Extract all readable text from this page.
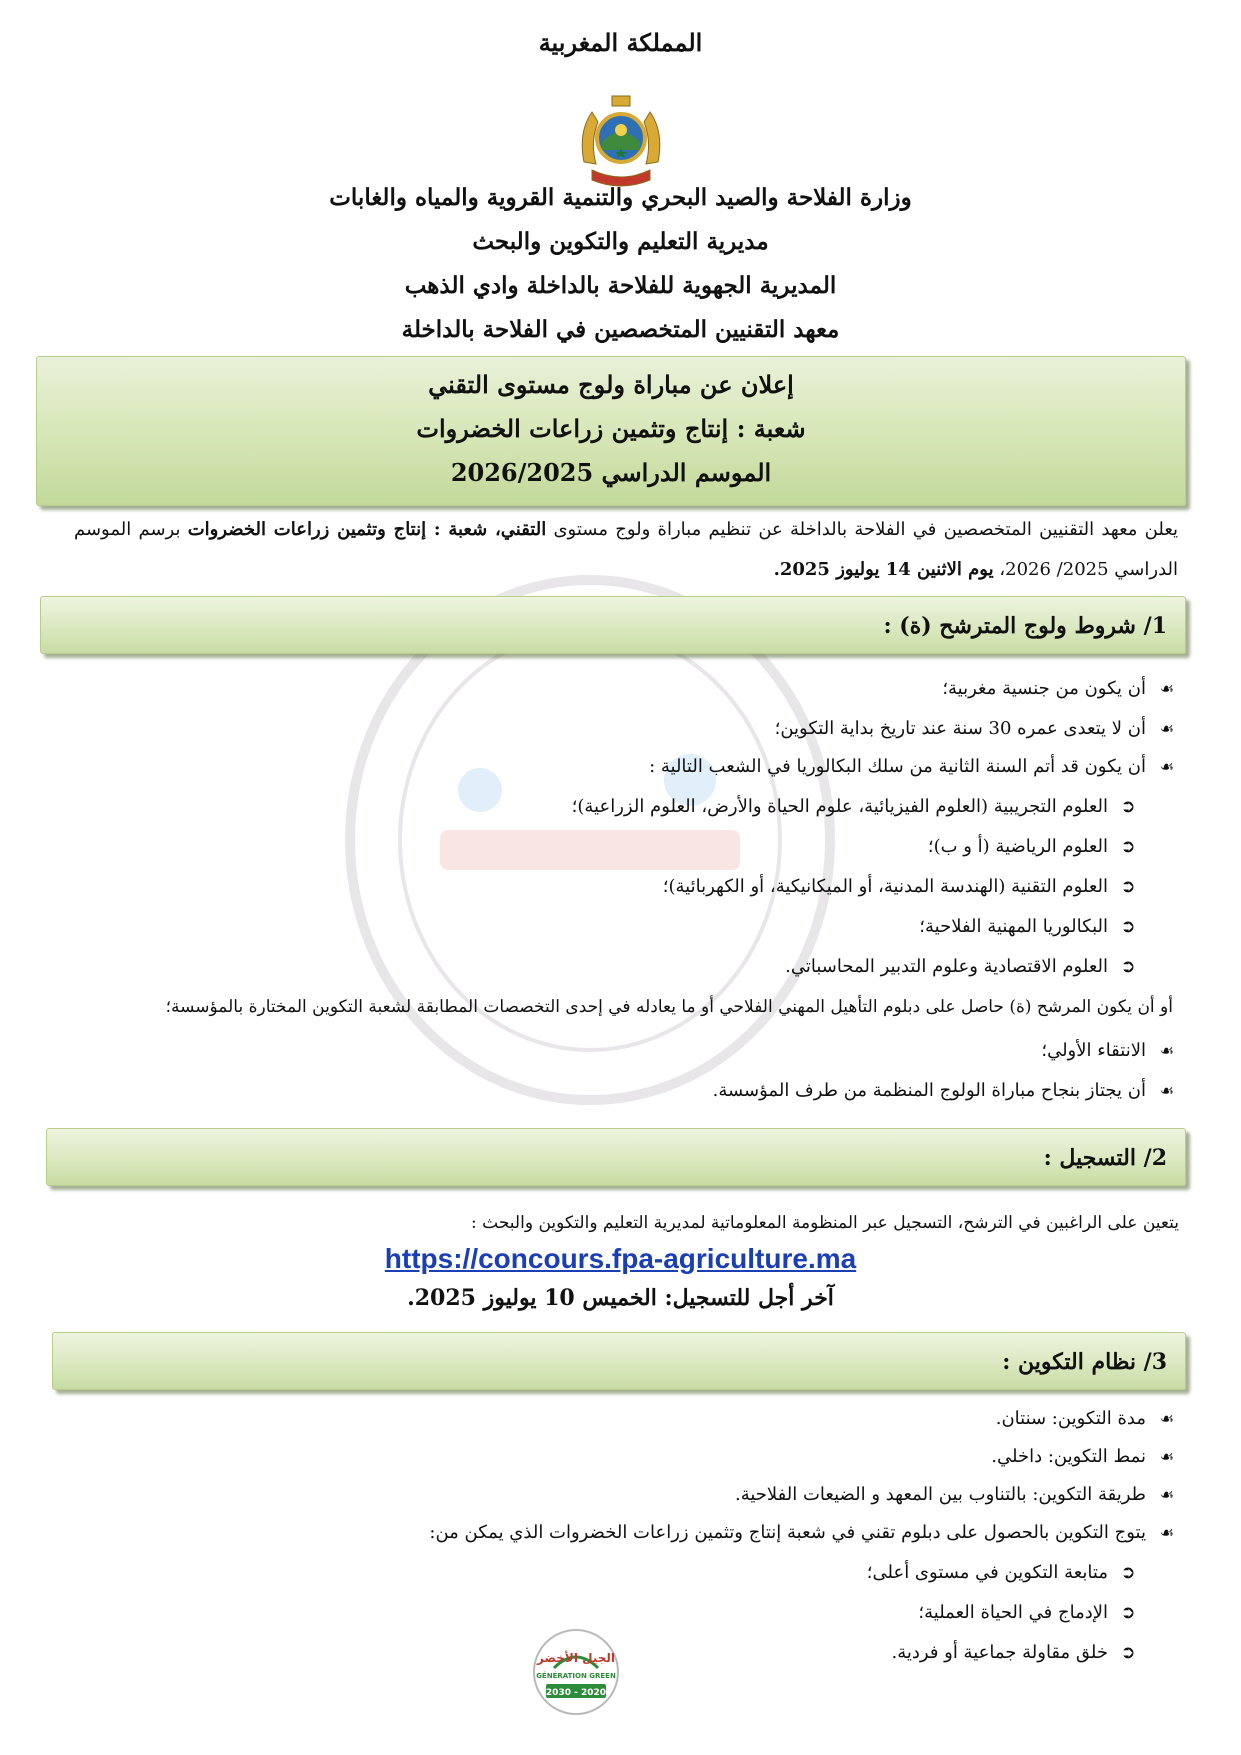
المملكة المغربية
وزارة الفلاحة والصيد البحري والتنمية القروية والمياه والغابات
مديرية التعليم والتكوين والبحث
المديرية الجهوية للفلاحة بالداخلة وادي الذهب
معهد التقنيين المتخصصين في الفلاحة بالداخلة
إعلان عن مباراة ولوج مستوى التقني
شعبة : إنتاج وتثمين زراعات الخضروات
الموسم الدراسي 2026/2025
يعلن معهد التقنيين المتخصصين في الفلاحة بالداخلة عن تنظيم مباراة ولوج مستوى التقني، شعبة : إنتاج وتثمين زراعات الخضروات برسم الموسم الدراسي 2025/ 2026، يوم الاثنين 14 يوليوز 2025.
1/ شروط ولوج المترشح (ة) :
☙أن يكون من جنسية مغربية؛
☙أن لا يتعدى عمره 30 سنة عند تاريخ بداية التكوين؛
☙أن يكون قد أتم السنة الثانية من سلك البكالوريا في الشعب التالية :
➲العلوم التجريبية (العلوم الفيزيائية، علوم الحياة والأرض، العلوم الزراعية)؛
➲العلوم الرياضية (أ و ب)؛
➲العلوم التقنية (الهندسة المدنية، أو الميكانيكية، أو الكهربائية)؛
➲البكالوريا المهنية الفلاحية؛
➲العلوم الاقتصادية وعلوم التدبير المحاسباتي.
أو أن يكون المرشح (ة) حاصل على دبلوم التأهيل المهني الفلاحي أو ما يعادله في إحدى التخصصات المطابقة لشعبة التكوين المختارة بالمؤسسة؛
☙الانتقاء الأولي؛
☙أن يجتاز بنجاح مباراة الولوج المنظمة من طرف المؤسسة.
2/ التسجيل :
يتعين على الراغبين في الترشح، التسجيل عبر المنظومة المعلوماتية لمديرية التعليم والتكوين والبحث :
https://concours.fpa-agriculture.ma
آخر أجل للتسجيل: الخميس 10 يوليوز 2025.
3/ نظام التكوين :
☙مدة التكوين: سنتان.
☙نمط التكوين: داخلي.
☙طريقة التكوين: بالتناوب بين المعهد و الضيعات الفلاحية.
☙يتوج التكوين بالحصول على دبلوم تقني في شعبة إنتاج وتثمين زراعات الخضروات الذي يمكن من:
➲متابعة التكوين في مستوى أعلى؛
➲الإدماج في الحياة العملية؛
➲خلق مقاولة جماعية أو فردية.
الجيل الأخضر
GÉNÉRATION GREEN
2020 - 2030
